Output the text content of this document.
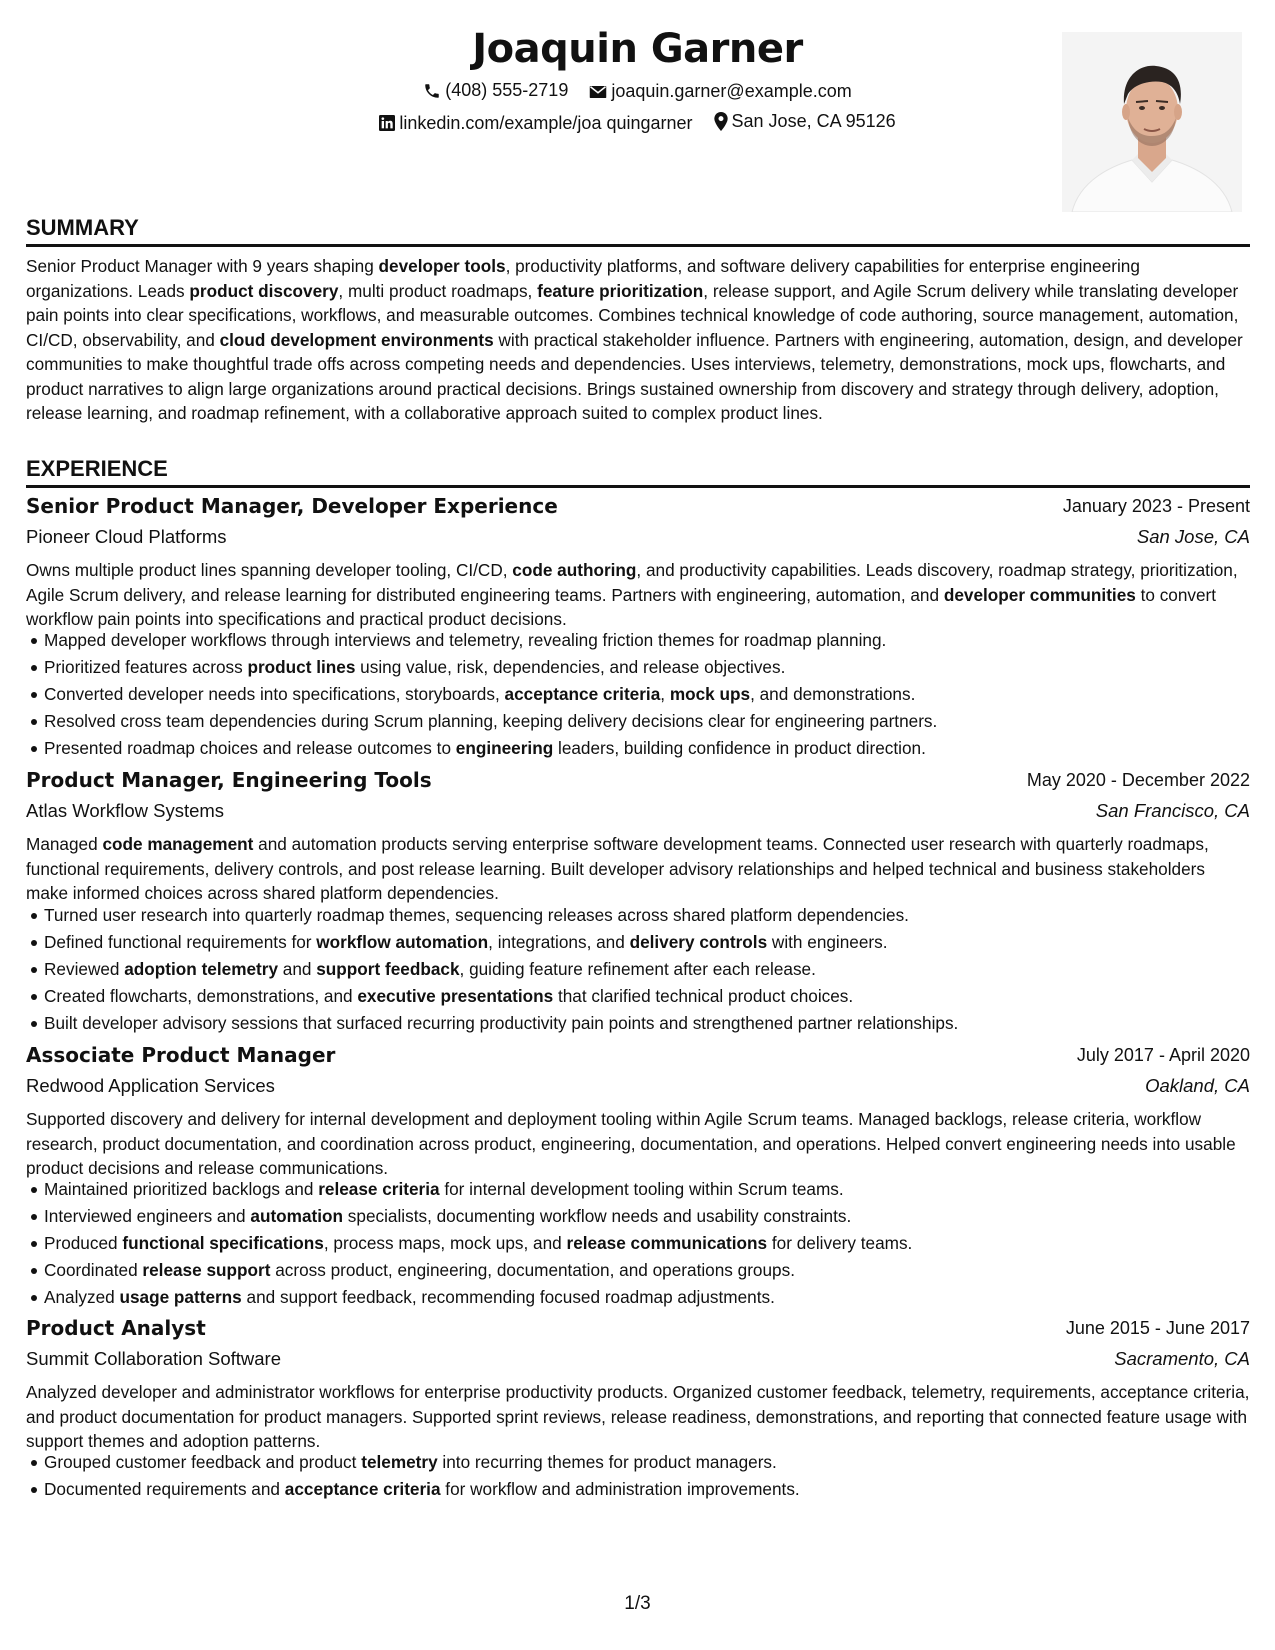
Joaquin Garner
(408) 555-2719
joaquin.garner@example.com
linkedin.com/example/joa quingarner
San Jose, CA 95126
SUMMARY

Senior Product Manager with 9 years shaping developer tools, productivity platforms, and software delivery capabilities for enterprise engineering organizations. Leads product discovery, multi product roadmaps, feature prioritization, release support, and Agile Scrum delivery while translating developer pain points into clear specifications, workflows, and measurable outcomes. Combines technical knowledge of code authoring, source management, automation, CI/CD, observability, and cloud development environments with practical stakeholder influence. Partners with engineering, automation, design, and developer communities to make thoughtful trade offs across competing needs and dependencies. Uses interviews, telemetry, demonstrations, mock ups, flowcharts, and product narratives to align large organizations around practical decisions. Brings sustained ownership from discovery and strategy through delivery, adoption, release learning, and roadmap refinement, with a collaborative approach suited to complex product lines.

EXPERIENCE
Senior Product Manager, Developer Experience	January 2023 - Present
Pioneer Cloud Platforms	San Jose, CA

Owns multiple product lines spanning developer tooling, CI/CD, code authoring, and productivity capabilities. Leads discovery, roadmap strategy, prioritization, Agile Scrum delivery, and release learning for distributed engineering teams. Partners with engineering, automation, and developer communities to convert workflow pain points into specifications and practical product decisions.

Mapped developer workflows through interviews and telemetry, revealing friction themes for roadmap planning.
Prioritized features across product lines using value, risk, dependencies, and release objectives.
Converted developer needs into specifications, storyboards, acceptance criteria, mock ups, and demonstrations.
Resolved cross team dependencies during Scrum planning, keeping delivery decisions clear for engineering partners.
Presented roadmap choices and release outcomes to engineering leaders, building confidence in product direction.
Product Manager, Engineering Tools	May 2020 - December 2022
Atlas Workflow Systems	San Francisco, CA

Managed code management and automation products serving enterprise software development teams. Connected user research with quarterly roadmaps, functional requirements, delivery controls, and post release learning. Built developer advisory relationships and helped technical and business stakeholders make informed choices across shared platform dependencies.

Turned user research into quarterly roadmap themes, sequencing releases across shared platform dependencies.
Defined functional requirements for workflow automation, integrations, and delivery controls with engineers.
Reviewed adoption telemetry and support feedback, guiding feature refinement after each release.
Created flowcharts, demonstrations, and executive presentations that clarified technical product choices.
Built developer advisory sessions that surfaced recurring productivity pain points and strengthened partner relationships.
Associate Product Manager	July 2017 - April 2020
Redwood Application Services	Oakland, CA

Supported discovery and delivery for internal development and deployment tooling within Agile Scrum teams. Managed backlogs, release criteria, workflow research, product documentation, and coordination across product, engineering, documentation, and operations. Helped convert engineering needs into usable product decisions and release communications.

Maintained prioritized backlogs and release criteria for internal development tooling within Scrum teams.
Interviewed engineers and automation specialists, documenting workflow needs and usability constraints.
Produced functional specifications, process maps, mock ups, and release communications for delivery teams.
Coordinated release support across product, engineering, documentation, and operations groups.
Analyzed usage patterns and support feedback, recommending focused roadmap adjustments.
Product Analyst	June 2015 - June 2017
Summit Collaboration Software	Sacramento, CA

Analyzed developer and administrator workflows for enterprise productivity products. Organized customer feedback, telemetry, requirements, acceptance criteria, and product documentation for product managers. Supported sprint reviews, release readiness, demonstrations, and reporting that connected feature usage with support themes and adoption patterns.

Grouped customer feedback and product telemetry into recurring themes for product managers.
Documented requirements and acceptance criteria for workflow and administration improvements.
1/3
